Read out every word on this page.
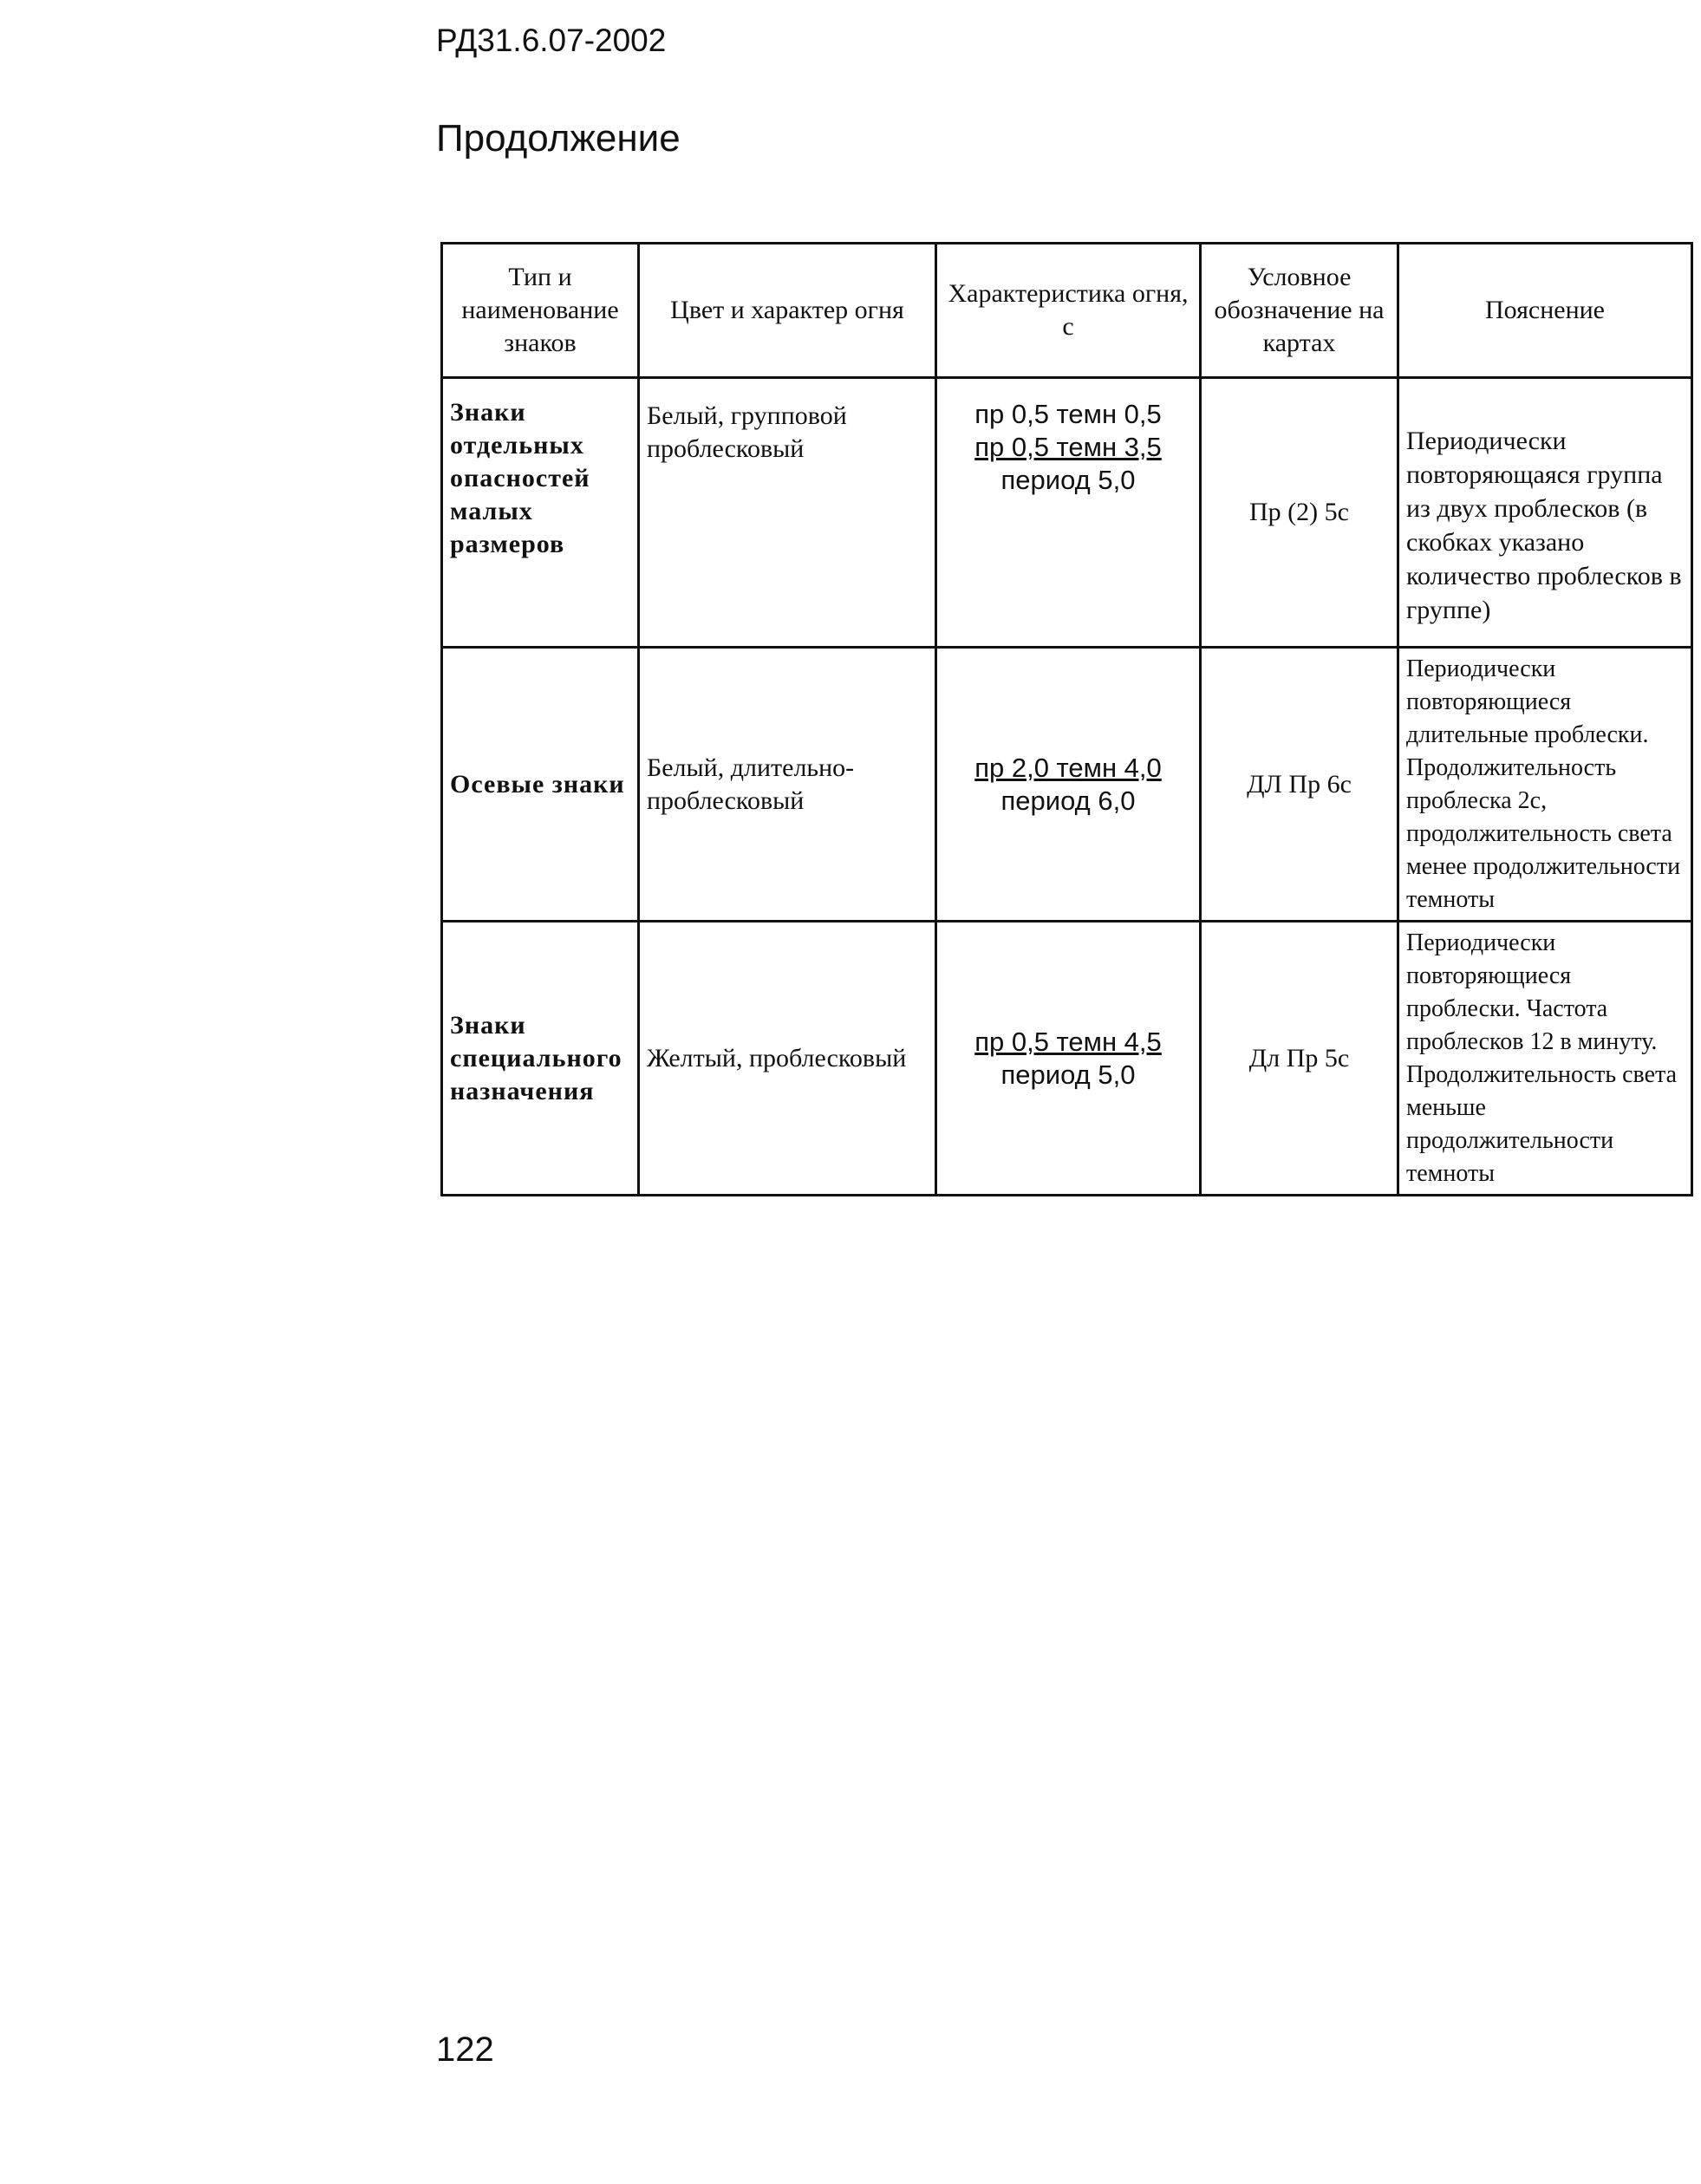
РД31.6.07-2002
Продолжение
Тип и наименование знаков	Цвет и характер огня	Характеристика огня, с	Условное обозначение на картах	Пояснение
Знаки отдельных опасностей малых размеров	Белый, групповой проблесковый	пр 0,5 темн 0,5
пр 0,5 темн 3,5
период 5,0	Пр (2) 5с	Периодически повторяющаяся группа из двух проблесков (в скобках указано количество проблесков в группе)
Осевые знаки	Белый, длительно-проблесковый	пр 2,0 темн 4,0
период 6,0	ДЛ Пр 6с	Периодически повторяющиеся длительные проблески. Продолжительность проблеска 2с, продолжительность света менее продолжительности темноты
Знаки специального назначения	Желтый, проблесковый	пр 0,5 темн 4,5
период 5,0	Дл Пр 5с	Периодически повторяющиеся проблески. Частота проблесков 12 в минуту. Продолжительность света меньше продолжительности темноты
122
